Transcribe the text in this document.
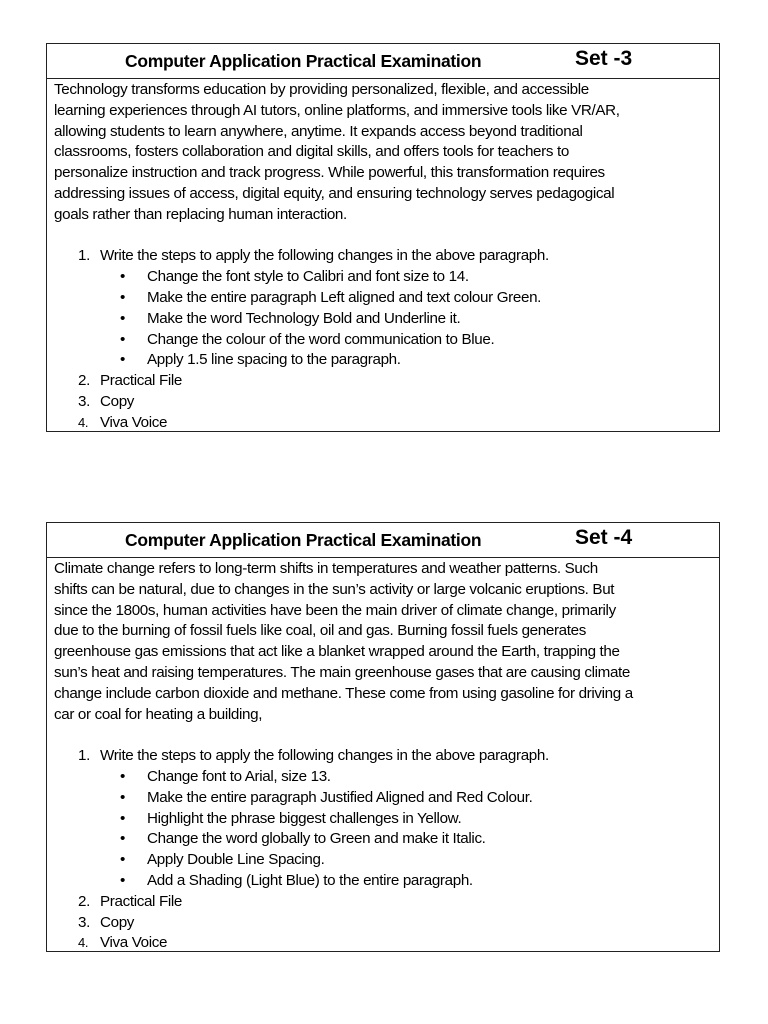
Computer Application Practical Examination	Set -3
Technology transforms education by providing personalized, flexible, and accessible
learning experiences through AI tutors, online platforms, and immersive tools like VR/AR,
allowing students to learn anywhere, anytime. It expands access beyond traditional
classrooms, fosters collaboration and digital skills, and offers tools for teachers to
personalize instruction and track progress. While powerful, this transformation requires
addressing issues of access, digital equity, and ensuring technology serves pedagogical
goals rather than replacing human interaction.
1. Write the steps to apply the following changes in the above paragraph.
• Change the font style to Calibri and font size to 14.
• Make the entire paragraph Left aligned and text colour Green.
• Make the word Technology Bold and Underline it.
• Change the colour of the word communication to Blue.
• Apply 1.5 line spacing to the paragraph.
2. Practical File
3. Copy
4. Viva Voice
Computer Application Practical Examination	Set -4
Climate change refers to long-term shifts in temperatures and weather patterns. Such
shifts can be natural, due to changes in the sun’s activity or large volcanic eruptions. But
since the 1800s, human activities have been the main driver of climate change, primarily
due to the burning of fossil fuels like coal, oil and gas. Burning fossil fuels generates
greenhouse gas emissions that act like a blanket wrapped around the Earth, trapping the
sun’s heat and raising temperatures. The main greenhouse gases that are causing climate
change include carbon dioxide and methane. These come from using gasoline for driving a
car or coal for heating a building,
1. Write the steps to apply the following changes in the above paragraph.
• Change font to Arial, size 13.
• Make the entire paragraph Justified Aligned and Red Colour.
• Highlight the phrase biggest challenges in Yellow.
• Change the word globally to Green and make it Italic.
• Apply Double Line Spacing.
• Add a Shading (Light Blue) to the entire paragraph.
2. Practical File
3. Copy
4. Viva Voice
